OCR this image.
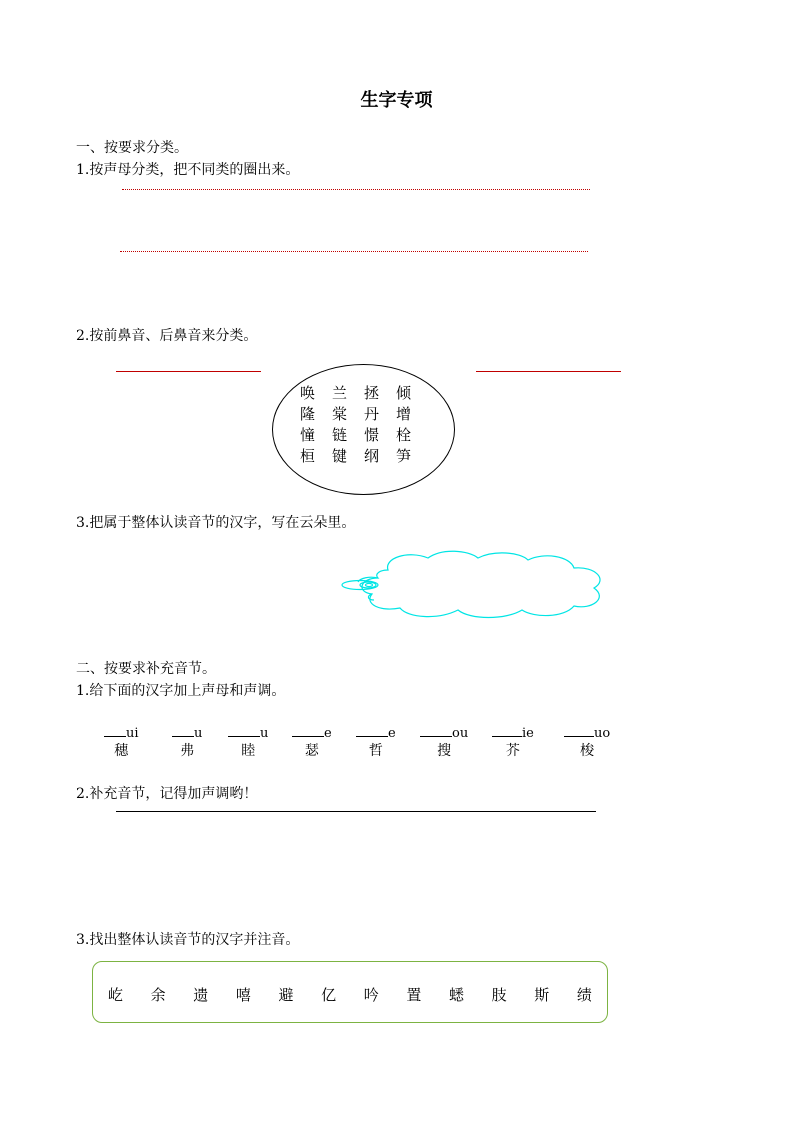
生字专项
一、按要求分类。
1.按声母分类，把不同类的圈出来。
2.按前鼻音、后鼻音来分类。
唤	兰	拯	倾
隆	棠	丹	增
憧	链	憬	栓
桓	键	纲	笋
3.把属于整体认读音节的汉字，写在云朵里。
二、按要求补充音节。
1.给下面的汉字加上声母和声调。
ui
穗
u
弗
u
睦
e
瑟
e
哲
ou
搜
ie
芥
uo
梭
2.补充音节，记得加声调哟！
3.找出整体认读音节的汉字并注音。
屹 余 遗 嘻 避 亿 吟 置 蟋 肢 斯 绩
